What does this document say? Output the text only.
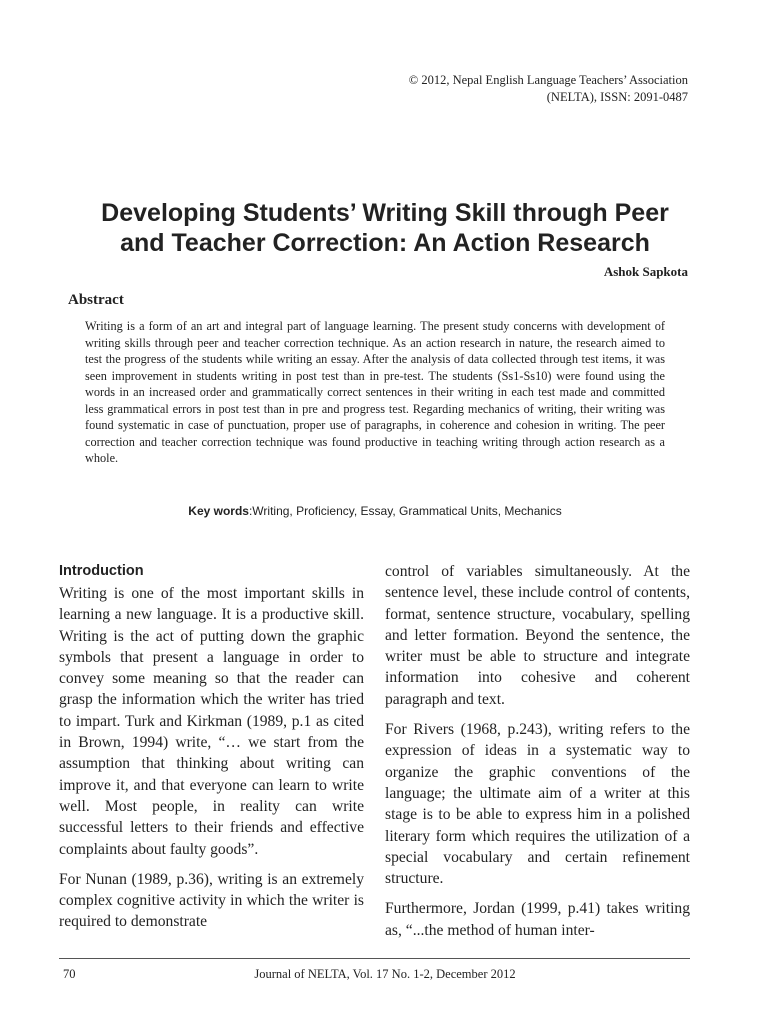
© 2012, Nepal English Language Teachers’ Association
(NELTA), ISSN: 2091-0487
Developing Students’ Writing Skill through Peer
and Teacher Correction: An Action Research
Ashok Sapkota
Abstract
Writing is a form of an art and integral part of language learning. The present study concerns with development of writing skills through peer and teacher correction technique. As an action research in nature, the research aimed to test the progress of the students while writing an essay. After the analysis of data collected through test items, it was seen improvement in students writing in post test than in pre-test. The students (Ss1-Ss10) were found using the words in an increased order and grammatically correct sentences in their writing in each test made and committed less grammatical errors in post test than in pre and progress test. Regarding mechanics of writing, their writing was found systematic in case of punctuation, proper use of paragraphs, in coherence and cohesion in writing. The peer correction and teacher correction technique was found productive in teaching writing through action research as a whole.
Key words:Writing, Proficiency, Essay, Grammatical Units, Mechanics
Introduction

Writing is one of the most important skills in learning a new language. It is a productive skill. Writing is the act of putting down the graphic symbols that present a language in order to convey some meaning so that the reader can grasp the information which the writer has tried to impart. Turk and Kirkman (1989, p.1 as cited in Brown, 1994) write, “… we start from the assumption that thinking about writing can improve it, and that everyone can learn to write well. Most people, in reality can write successful letters to their friends and effective complaints about faulty goods”.

For Nunan (1989, p.36), writing is an extremely complex cognitive activity in which the writer is required to demonstrate

control of variables simultaneously. At the sentence level, these include control of contents, format, sentence structure, vocabulary, spelling and letter formation. Beyond the sentence, the writer must be able to structure and integrate information into cohesive and coherent paragraph and text.

For Rivers (1968, p.243), writing refers to the expression of ideas in a systematic way to organize the graphic conventions of the language; the ultimate aim of a writer at this stage is to be able to express him in a polished literary form which requires the utilization of a special vocabulary and certain refinement structure.

Furthermore, Jordan (1999, p.41) takes writing as, “...the method of human inter-

70	Journal of NELTA, Vol. 17 No. 1-2, December 2012
